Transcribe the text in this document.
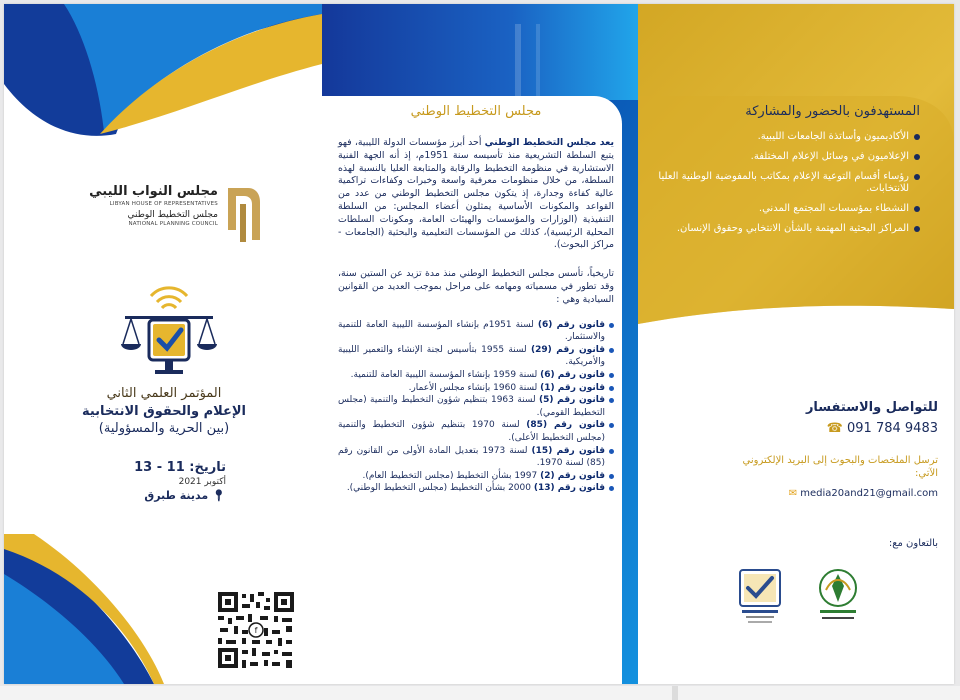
مجلس النواب الليبي
LIBYAN HOUSE OF REPRESENTATIVES
مجلس التخطيط الوطني
NATIONAL PLANNING COUNCIL
المؤتمر العلمي الثاني
الإعلام والحقوق الانتخابية
(بين الحرية والمسؤولية)
تاريخ: 11 - 13
أكتوبر 2021
📍︎ مدينة طبرق
f
مجلس التخطيط الوطني

يعد مجلس التخطيط الوطني أحد أبرز مؤسسات الدولة الليبية، فهو يتبع السلطة التشريعية منذ تأسيسه سنة 1951م، إذ أنه الجهة الفنية الاستشارية في منظومة التخطيط والرقابة والمتابعة العليا بالنسبة لهذه السلطة، من خلال منظومات معرفية واسعة وخبرات وكفاءات تراكمية عالية كفاءة وجدارة، إذ يتكون مجلس التخطيط الوطني من عدد من القواعد والمكونات الأساسية يمثلون أعضاء المجلس: من السلطة التنفيذية (الوزارات والمؤسسات والهيئات العامة، ومكونات السلطات المحلية الرئيسية)، كذلك من المؤسسات التعليمية والبحثية (الجامعات - مراكز البحوث).

تاريخياً، تأسس مجلس التخطيط الوطني منذ مدة تزيد عن الستين سنة، وقد تطور في مسمياته ومهامه على مراحل بموجب العديد من القوانين السيادية وهي :

قانون رقم (6) لسنة 1951م بإنشاء المؤسسة الليبية العامة للتنمية والاستثمار.
قانون رقم (29) لسنة 1955 بتأسيس لجنة الإنشاء والتعمير الليبية والأمريكية.
قانون رقم (6) لسنة 1959 بإنشاء المؤسسة الليبية العامة للتنمية.
قانون رقم (1) لسنة 1960 بإنشاء مجلس الأعمار.
قانون رقم (5) لسنة 1963 بتنظيم شؤون التخطيط والتنمية (مجلس التخطيط القومي).
قانون رقم (85) لسنة 1970 بتنظيم شؤون التخطيط والتنمية (مجلس التخطيط الأعلى).
قانون رقم (15) لسنة 1973 بتعديل المادة الأولى من القانون رقم (85) لسنة 1970.
قانون رقم (2) 1997 بشأن التخطيط (مجلس التخطيط العام).
قانون رقم (13) 2000 بشأن التخطيط (مجلس التخطيط الوطني).
المستهدفون بالحضور والمشاركة
الأكاديميون وأساتذة الجامعات الليبية.
الإعلاميون في وسائل الإعلام المختلفة.
رؤساء أقسام التوعية الإعلام بمكاتب بالمفوضية الوطنية العليا للانتخابات.
النشطاء بمؤسسات المجتمع المدني.
المراكز البحثية المهتمة بالشأن الانتخابي وحقوق الإنسان.
للتواصل والاستفسار
☎ 091 784 9483
ترسل الملخصات والبحوث إلى البريد الإلكتروني الآتي:
✉ media20and21@gmail.com
بالتعاون مع:
